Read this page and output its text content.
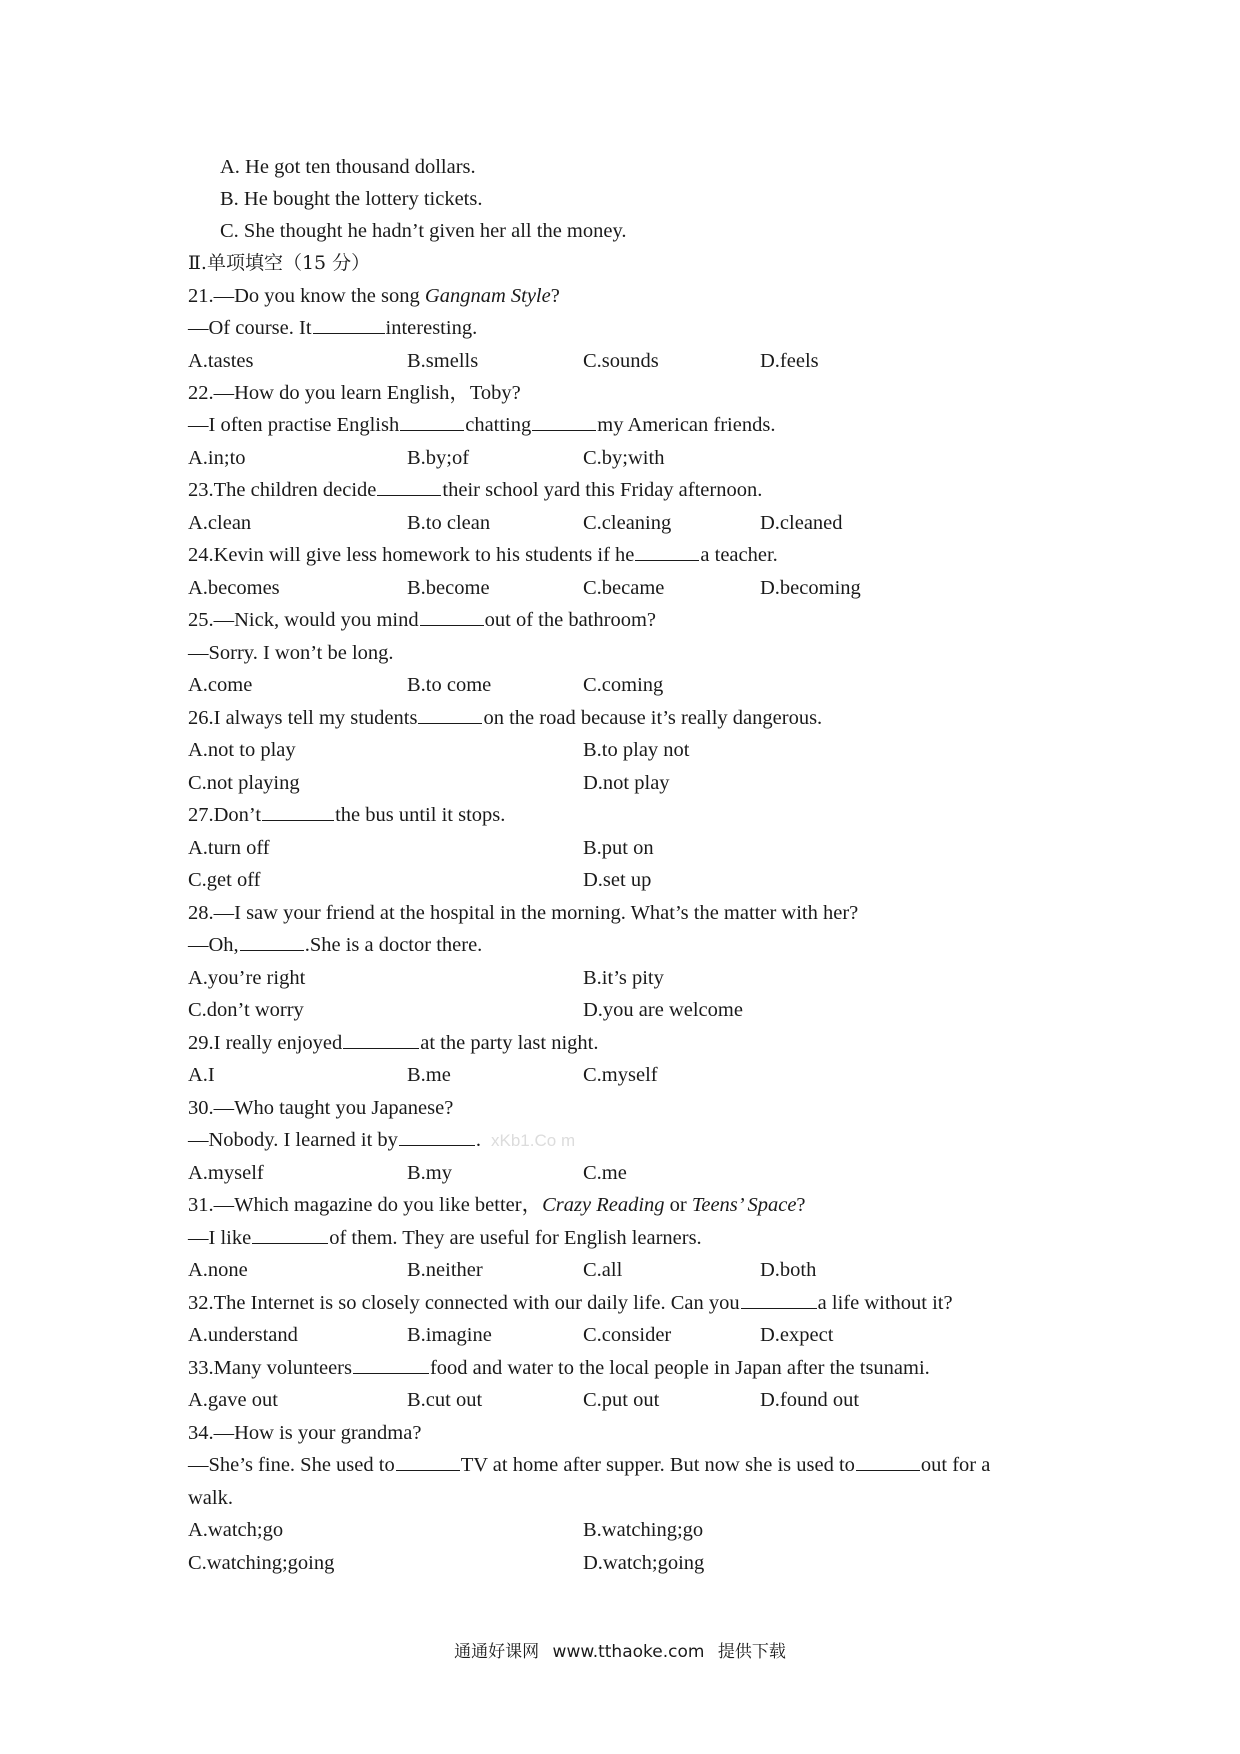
A. He got ten thousand dollars.
B. He bought the lottery tickets.
C. She thought he hadn’t given her all the money.
Ⅱ.单项填空（15 分）
21.—Do you know the song Gangnam Style?
—Of course. It	interesting.
A.tastes	B.smells	C.sounds	D.feels
22.—How do you learn English，Toby?
—I often practise English	chatting	my American friends.
A.in;to	B.by;of	C.by;with
23.The children decide	their school yard this Friday afternoon.
A.clean	B.to clean	C.cleaning	D.cleaned
24.Kevin will give less homework to his students if he	a teacher.
A.becomes	B.become	C.became	D.becoming
25.—Nick, would you mind	out of the bathroom?
—Sorry. I won’t be long.
A.come	B.to come	C.coming
26.I always tell my students	on the road because it’s really dangerous.
A.not to play	B.to play not
C.not playing	D.not play
27.Don’t	the bus until it stops.
A.turn off	B.put on
C.get off	D.set up
28.—I saw your friend at the hospital in the morning. What’s the matter with her?
—Oh,	.She is a doctor there.
A.you’re right	B.it’s pity
C.don’t worry	D.you are welcome
29.I really enjoyed	at the party last night.
A.I	B.me	C.myself
30.—Who taught you Japanese?
—Nobody. I learned it by	. xKb1.Co m
A.myself	B.my	C.me
31.—Which magazine do you like better，Crazy Reading or Teens’ Space?
—I like	of them. They are useful for English learners.
A.none	B.neither	C.all	D.both
32.The Internet is so closely connected with our daily life. Can you	a life without it?
A.understand	B.imagine	C.consider	D.expect
33.Many volunteers	food and water to the local people in Japan after the tsunami.
A.gave out	B.cut out	C.put out	D.found out
34.—How is your grandma?
—She’s fine. She used to	TV at home after supper. But now she is used to	out for a
walk.
A.watch;go	B.watching;go
C.watching;going	D.watch;going
通通好课网 www.tthaoke.com 提供下载
